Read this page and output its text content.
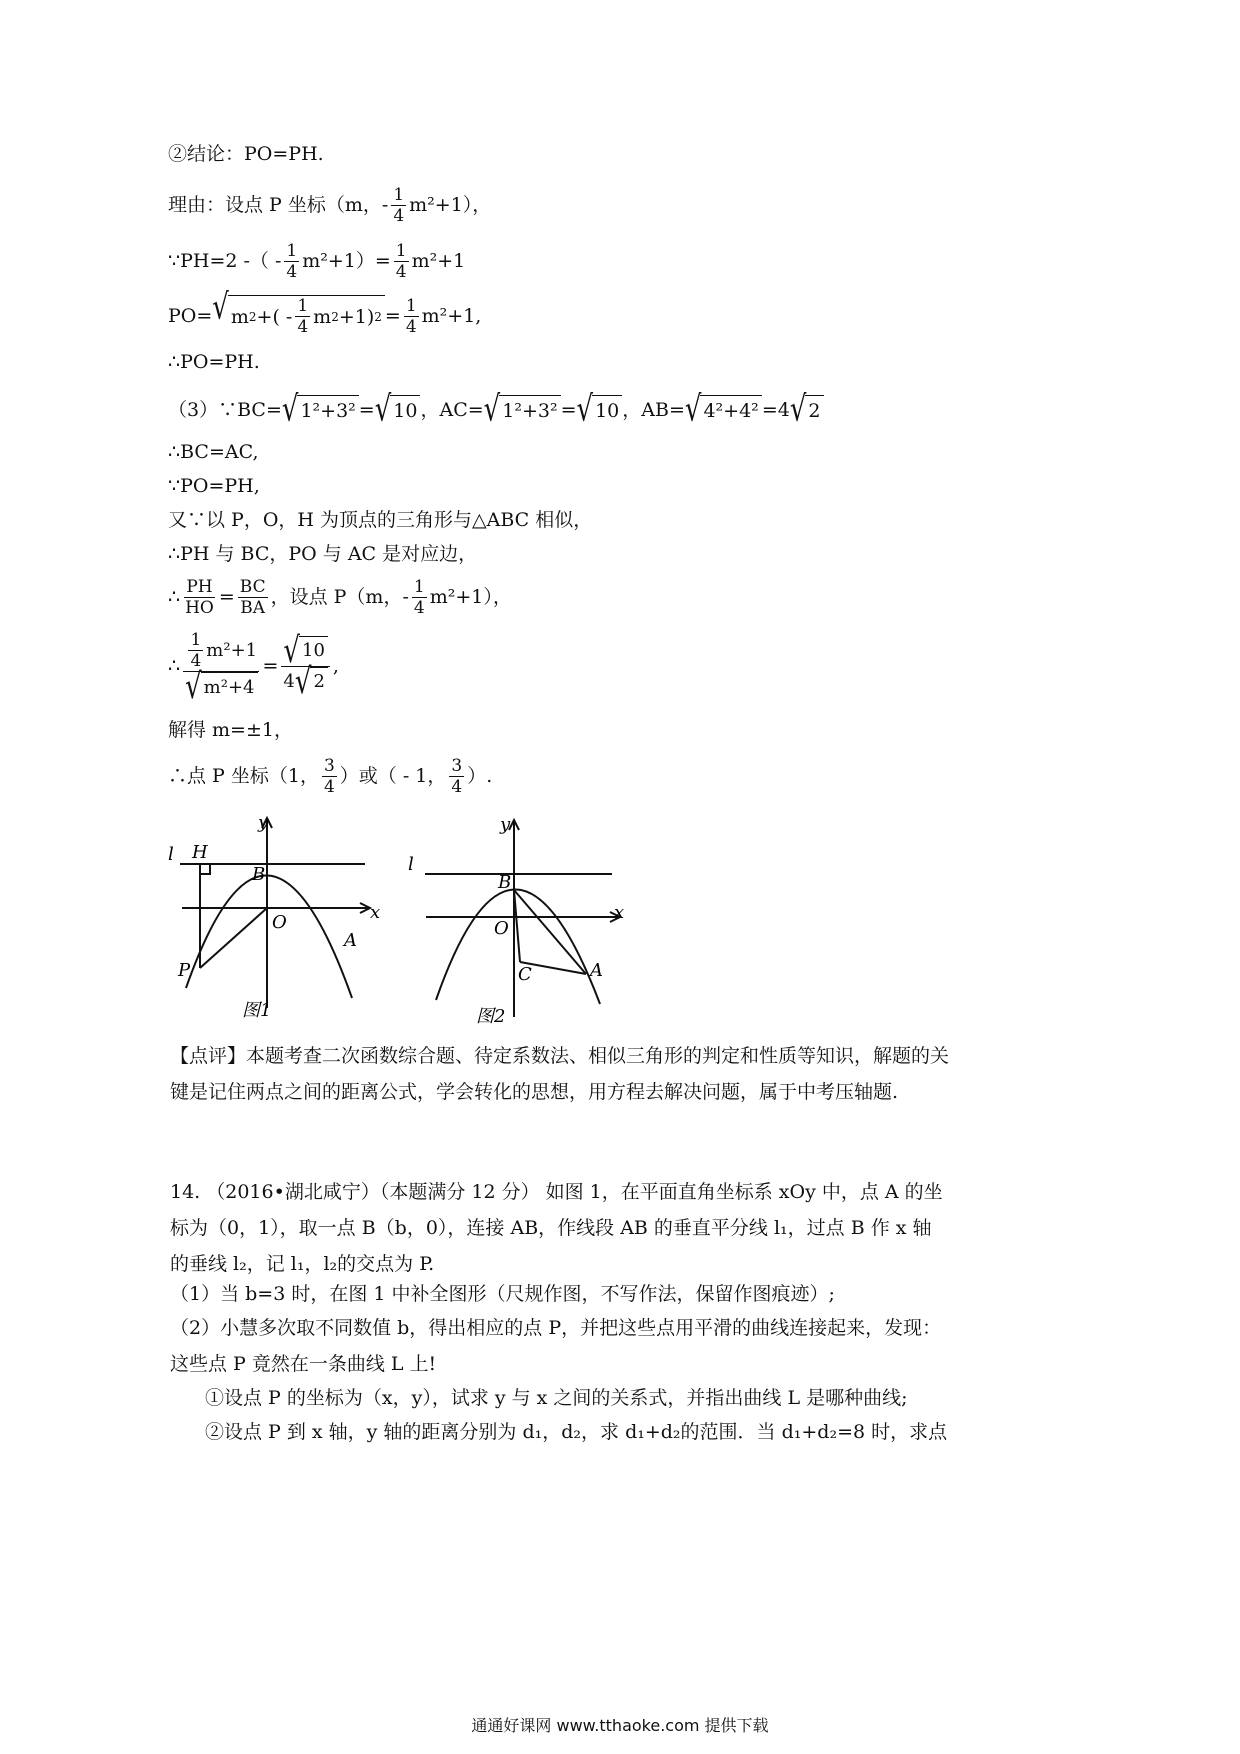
②结论：PO=PH.
理由：设点 P 坐标（m， - $\frac{1}{4} m^2+1$），
∵PH=2 -（ - $\frac{1}{4} m^2+1)= \frac{1}{4} m^2+1$
PO= √ m 2 +( - $\frac{1}{4}$ m 2 +1) $2 = \frac{1}{4} m^2+1$,
∴PO=PH.
（3）∵BC= √ 1²+3² = √ 10 ，AC= √ 1²+3² = √ 10 ，AB= √ 4²+4² =4 √ 2
∴BC=AC,
∵PO=PH,
又∵以 P，O，H 为顶点的三角形与△ABC 相似，
∴PH 与 BC，PO 与 AC 是对应边，
∴ $\frac{PH}{HO} = \frac{BC}{BA}$ ，设点 P（m， - $\frac{1}{4} m^2+1$），
∴ $\frac{\frac{1}{4} m^2+1}{\text{√ m²+4}} = \frac{√ 10}{4 √ 2}$ ,
解得 m=±1，
∴点 P 坐标（1， $\frac{3}{4}$ ）或（ - 1， $\frac{3}{4}$ ）.
l H
y
x
B
O
A
P
图1
l
y
x
B
O
A
C
图2
【点评】本题考查二次函数综合题、待定系数法、相似三角形的判定和性质等知识，解题的关键是记住两点之间的距离公式，学会转化的思想，用方程去解决问题，属于中考压轴题.
14. （2016•湖北咸宁）（本题满分 12 分） 如图 1，在平面直角坐标系 xOy 中，点 A 的坐标为（0，1），取一点 B（b，0），连接 AB，作线段 AB 的垂直平分线 l₁，过点 B 作 x 轴的垂线 l₂，记 l₁，l₂的交点为 P.
（1）当 b=3 时，在图 1 中补全图形（尺规作图，不写作法，保留作图痕迹）;
（2）小慧多次取不同数值 b，得出相应的点 P，并把这些点用平滑的曲线连接起来，发现：这些点 P 竟然在一条曲线 L 上!
①设点 P 的坐标为（x，y），试求 y 与 x 之间的关系式，并指出曲线 L 是哪种曲线;
②设点 P 到 x 轴，y 轴的距离分别为 d₁，d₂，求 d₁+d₂的范围．当 d₁+d₂=8 时，求点
通通好课网 www.tthaoke.com 提供下载
